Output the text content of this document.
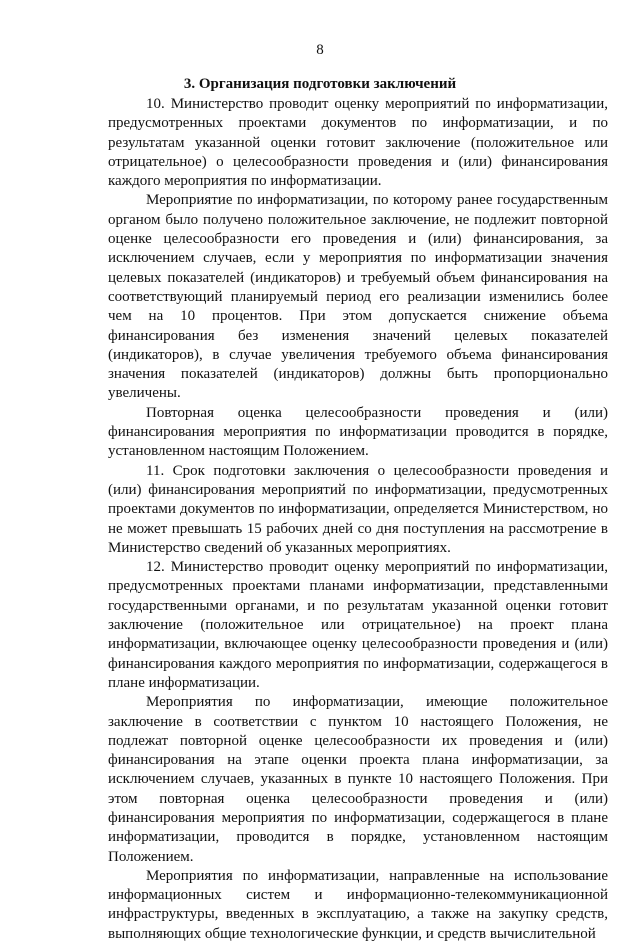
8
3. Организация подготовки заключений

10. Министерство проводит оценку мероприятий по информатизации, предусмотренных проектами документов по информатизации, и по результатам указанной оценки готовит заключение (положительное или отрицательное) о целесообразности проведения и (или) финансирования каждого мероприятия по информатизации.

Мероприятие по информатизации, по которому ранее государственным органом было получено положительное заключение, не подлежит повторной оценке целесообразности его проведения и (или) финансирования, за исключением случаев, если у мероприятия по информатизации значения целевых показателей (индикаторов) и требуемый объем финансирования на соответствующий планируемый период его реализации изменились более чем на 10 процентов. При этом допускается снижение объема финансирования без изменения значений целевых показателей (индикаторов), в случае увеличения требуемого объема финансирования значения показателей (индикаторов) должны быть пропорционально увеличены.

Повторная оценка целесообразности проведения и (или) финансирования мероприятия по информатизации проводится в порядке, установленном настоящим Положением.

11. Срок подготовки заключения о целесообразности проведения и (или) финансирования мероприятий по информатизации, предусмотренных проектами документов по информатизации, определяется Министерством, но не может превышать 15 рабочих дней со дня поступления на рассмотрение в Министерство сведений об указанных мероприятиях.

12. Министерство проводит оценку мероприятий по информатизации, предусмотренных проектами планами информатизации, представленными государственными органами, и по результатам указанной оценки готовит заключение (положительное или отрицательное) на проект плана информатизации, включающее оценку целесообразности проведения и (или) финансирования каждого мероприятия по информатизации, содержащегося в плане информатизации.

Мероприятия по информатизации, имеющие положительное заключение в соответствии с пунктом 10 настоящего Положения, не подлежат повторной оценке целесообразности их проведения и (или) финансирования на этапе оценки проекта плана информатизации, за исключением случаев, указанных в пункте 10 настоящего Положения. При этом повторная оценка целесообразности проведения и (или) финансирования мероприятия по информатизации, содержащегося в плане информатизации, проводится в порядке, установленном настоящим Положением.

Мероприятия по информатизации, направленные на использование информационных систем и информационно-телекоммуникационной инфраструктуры, введенных в эксплуатацию, а также на закупку средств, выполняющих общие технологические функции, и средств вычислительной
